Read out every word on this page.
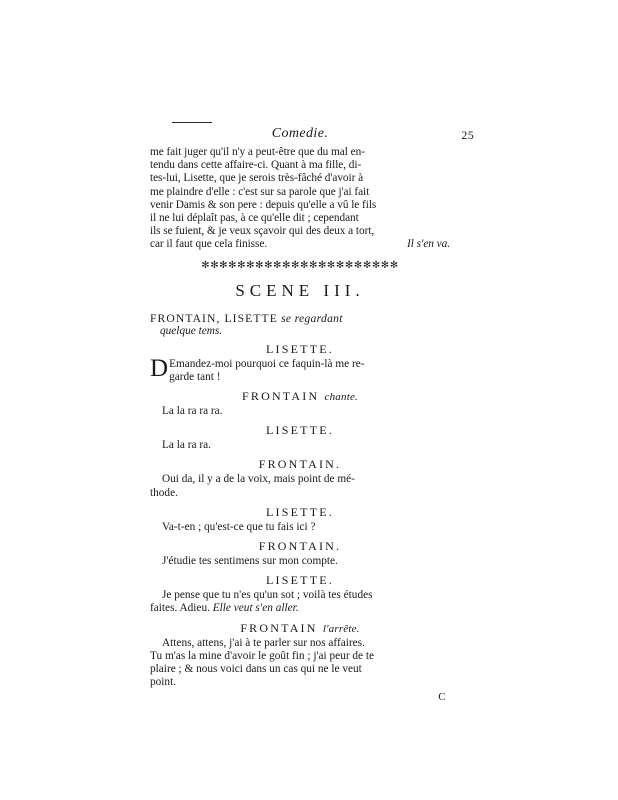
Comedie.	25

me fait juger qu'il n'y a peut-être que du mal en-
tendu dans cette affaire-ci. Quant à ma fille, di-
tes-lui, Lisette, que je serois très-fâché d'avoir à
me plaindre d'elle : c'est sur sa parole que j'ai fait
venir Damis & son pere : depuis qu'elle a vû le fils
il ne lui déplaît pas, à ce qu'elle dit ; cependant
ils se fuient, & je veux sçavoir qui des deux a tort,

Il s'en va.
car il faut que cela finisse.

✻✻✻✻✻✻✻✻✻✻✻✻✻✻✻✻✻✻✻✻✻✻
SCENE III.
FRONTAIN, LISETTE se regardant
quelque tems.
LISETTE.

D Emandez-moi pourquoi ce faquin-là me re-
garde tant !

FRONTAIN chante.

La la ra ra ra.

LISETTE.

La la ra ra.

FRONTAIN.

Oui da, il y a de la voix, mais point de mé-
thode.

LISETTE.

Va-t-en ; qu'est-ce que tu fais ici ?

FRONTAIN.

J'étudie tes sentimens sur mon compte.

LISETTE.

Je pense que tu n'es qu'un sot ; voilà tes études
faites. Adieu. Elle veut s'en aller.

FRONTAIN l'arrête.

Attens, attens, j'ai à te parler sur nos affaires.
Tu m'as la mine d'avoir le goût fin ; j'ai peur de te
plaire ; & nous voici dans un cas qui ne le veut
point.

C
